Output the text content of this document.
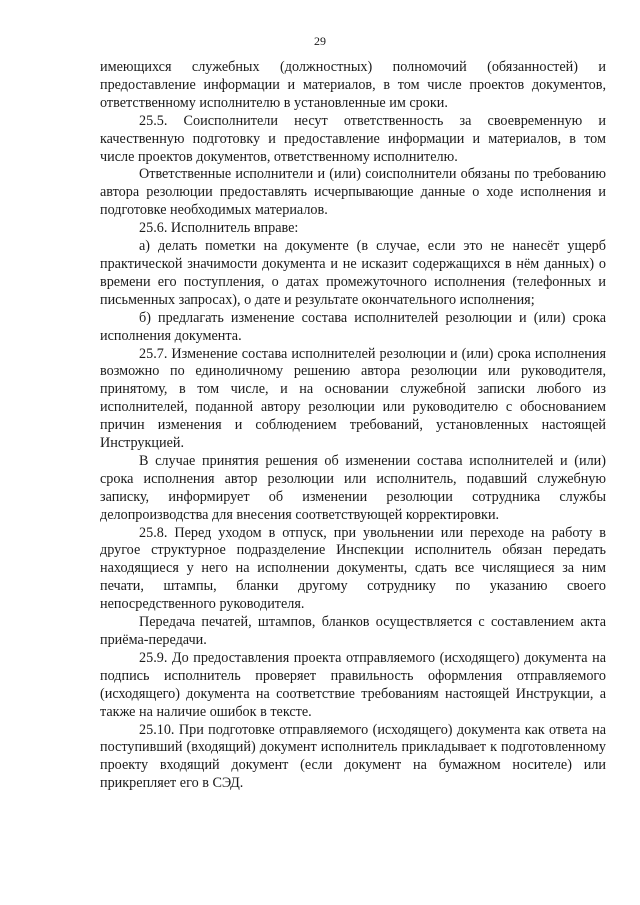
29

имеющихся служебных (должностных) полномочий (обязанностей) и предоставление информации и материалов, в том числе проектов документов, ответственному исполнителю в установленные им сроки.

25.5. Соисполнители несут ответственность за своевременную и качественную подготовку и предоставление информации и материалов, в том числе проектов документов, ответственному исполнителю.

Ответственные исполнители и (или) соисполнители обязаны по требованию автора резолюции предоставлять исчерпывающие данные о ходе исполнения и подготовке необходимых материалов.

25.6. Исполнитель вправе:

а) делать пометки на документе (в случае, если это не нанесёт ущерб практической значимости документа и не исказит содержащихся в нём данных) о времени его поступления, о датах промежуточного исполнения (телефонных и письменных запросах), о дате и результате окончательного исполнения;

б) предлагать изменение состава исполнителей резолюции и (или) срока исполнения документа.

25.7. Изменение состава исполнителей резолюции и (или) срока исполнения возможно по единоличному решению автора резолюции или руководителя, принятому, в том числе, и на основании служебной записки любого из исполнителей, поданной автору резолюции или руководителю с обоснованием причин изменения и соблюдением требований, установленных настоящей Инструкцией.

В случае принятия решения об изменении состава исполнителей и (или) срока исполнения автор резолюции или исполнитель, подавший служебную записку, информирует об изменении резолюции сотрудника службы делопроизводства для внесения соответствующей корректировки.

25.8. Перед уходом в отпуск, при увольнении или переходе на работу в другое структурное подразделение Инспекции исполнитель обязан передать находящиеся у него на исполнении документы, сдать все числящиеся за ним печати, штампы, бланки другому сотруднику по указанию своего непосредственного руководителя.

Передача печатей, штампов, бланков осуществляется с составлением акта приёма-передачи.

25.9. До предоставления проекта отправляемого (исходящего) документа на подпись исполнитель проверяет правильность оформления отправляемого (исходящего) документа на соответствие требованиям настоящей Инструкции, а также на наличие ошибок в тексте.

25.10. При подготовке отправляемого (исходящего) документа как ответа на поступивший (входящий) документ исполнитель прикладывает к подготовленному проекту входящий документ (если документ на бумажном носителе) или прикрепляет его в СЭД.
